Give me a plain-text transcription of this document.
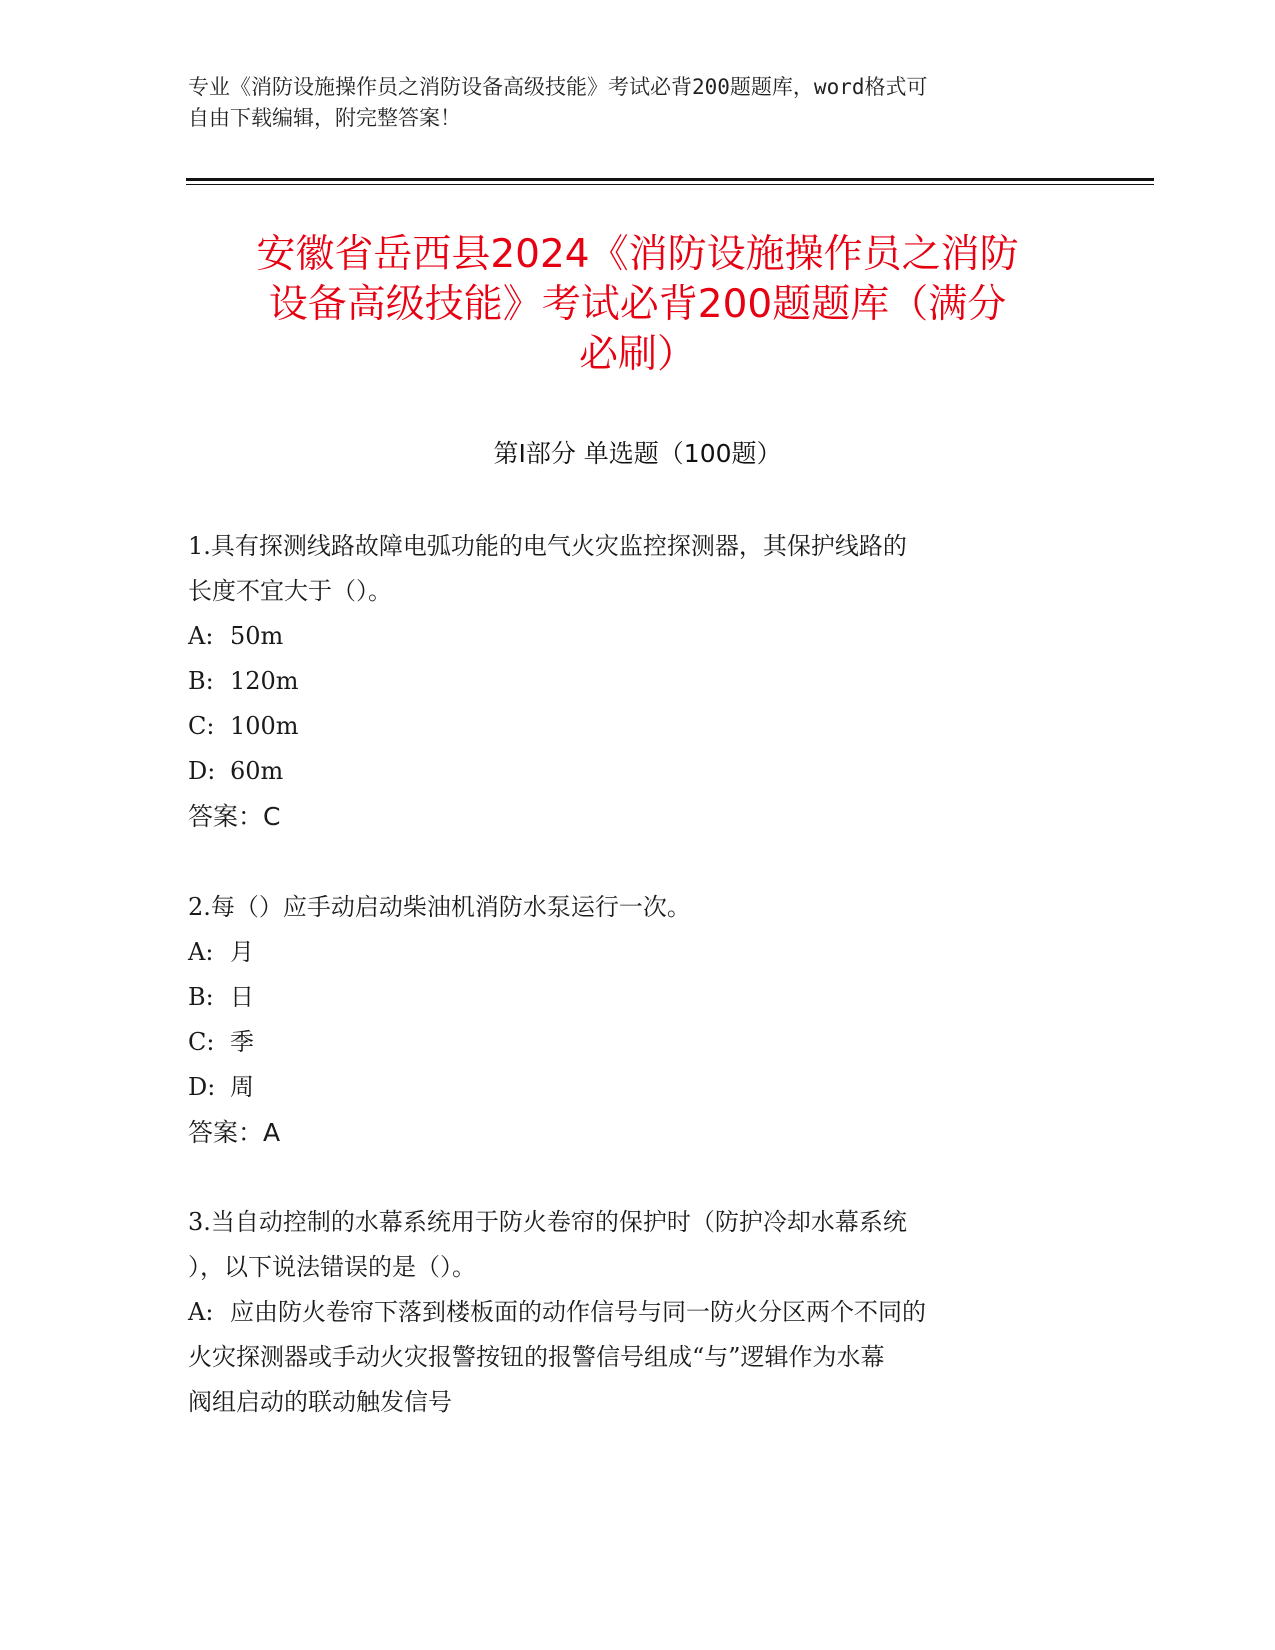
专业《消防设施操作员之消防设备高级技能》考试必背200题题库，word格式可
自由下载编辑，附完整答案！
安徽省岳西县2024《消防设施操作员之消防
设备高级技能》考试必背200题题库（满分
必刷）
第I部分 单选题（100题）
1.具有探测线路故障电弧功能的电气火灾监控探测器，其保护线路的
长度不宜大于（）。
A: 50m
B: 120m
C: 100m
D: 60m
答案：C
2.每（）应手动启动柴油机消防水泵运行一次。
A: 月
B: 日
C: 季
D: 周
答案：A
3.当自动控制的水幕系统用于防火卷帘的保护时（防护冷却水幕系统
），以下说法错误的是（）。
A: 应由防火卷帘下落到楼板面的动作信号与同一防火分区两个不同的
火灾探测器或手动火灾报警按钮的报警信号组成“与”逻辑作为水幕
阀组启动的联动触发信号
